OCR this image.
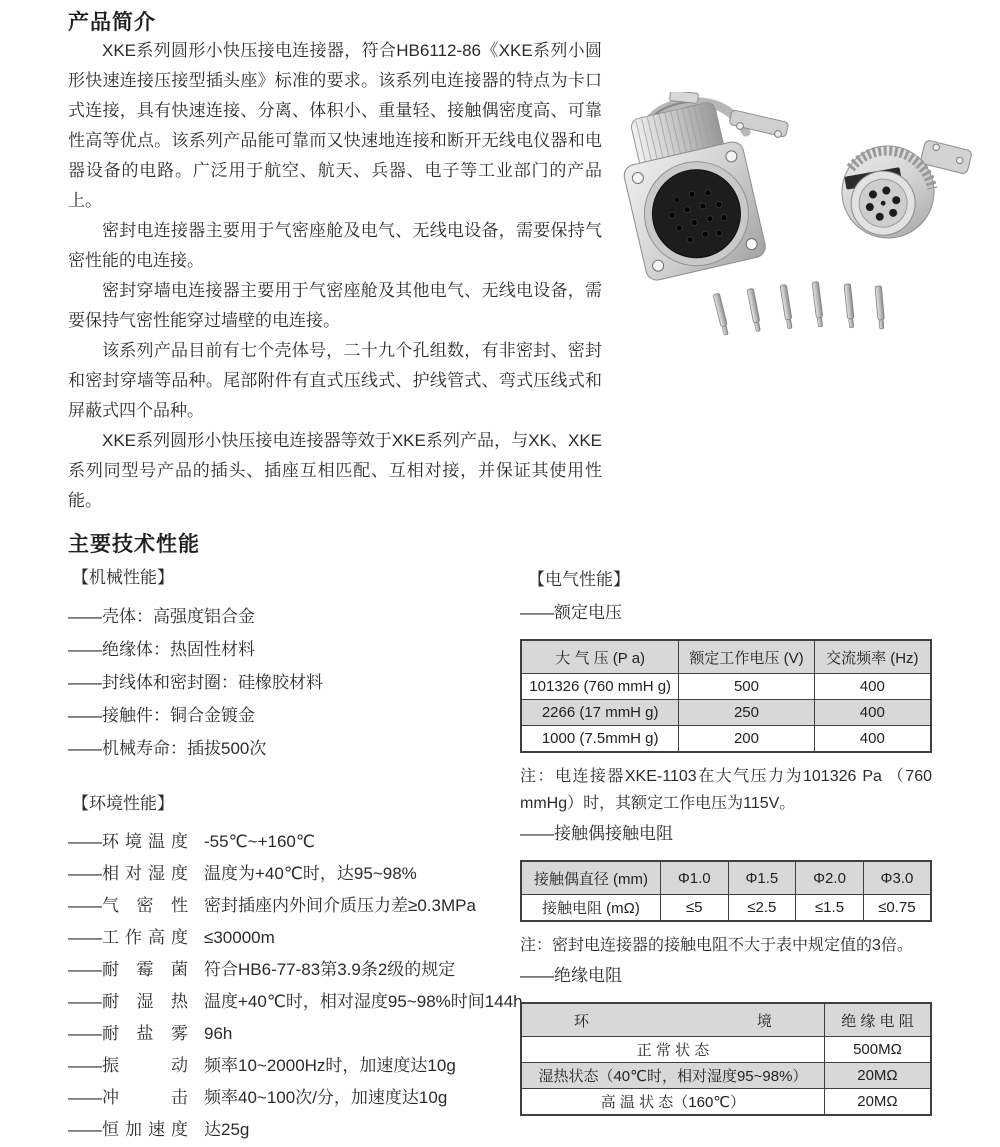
产品简介

XKE系列圆形小快压接电连接器，符合HB6112-86《XKE系列小圆形快速连接压接型插头座》标准的要求。该系列电连接器的特点为卡口式连接，具有快速连接、分离、体积小、重量轻、接触偶密度高、可靠性高等优点。该系列产品能可靠而又快速地连接和断开无线电仪器和电器设备的电路。广泛用于航空、航天、兵器、电子等工业部门的产品上。

密封电连接器主要用于气密座舱及电气、无线电设备，需要保持气密性能的电连接。

密封穿墙电连接器主要用于气密座舱及其他电气、无线电设备，需要保持气密性能穿过墙壁的电连接。

该系列产品目前有七个壳体号，二十九个孔组数，有非密封、密封和密封穿墙等品种。尾部附件有直式压线式、护线管式、弯式压线式和屏蔽式四个品种。

XKE系列圆形小快压接电连接器等效于XKE系列产品，与XK、XKE系列同型号产品的插头、插座互相匹配、互相对接，并保证其使用性能。

主要技术性能
【机械性能】
—— 壳体：高强度铝合金
—— 绝缘体：热固性材料
—— 封线体和密封圈：硅橡胶材料
—— 接触件：铜合金镀金
—— 机械寿命：插拔500次
【环境性能】
—— 环境温度 -55℃~+160℃
—— 相对湿度 温度为+40℃时，达95~98%
—— 气密性 密封插座内外间介质压力差≥0.3MPa
—— 工作高度 ≤30000m
—— 耐霉菌 符合HB6-77-83第3.9条2级的规定
—— 耐湿热 温度+40℃时，相对湿度95~98%时间144h
—— 耐盐雾 96h
—— 振动 频率10~2000Hz时，加速度达10g
—— 冲击 频率40~100次/分，加速度达10g
—— 恒加速度 达25g
【电气性能】
——额定电压
大 气 压 (P a)	额定工作电压 (V)	交流频率 (Hz)
101326 (760 mmH g)	500	400
2266 (17 mmH g)	250	400
1000 (7.5mmH g)	200	400
注：电连接器XKE-1103在大气压力为101326 Pa （760 mmHg）时，其额定工作电压为115V。
——接触偶接触电阻
接触偶直径 (mm)	Φ1.0	Φ1.5	Φ2.0	Φ3.0
接触电阻 (mΩ)	≤5	≤2.5	≤1.5	≤0.75
注：密封电连接器的接触电阻不大于表中规定值的3倍。
——绝缘电阻
环 境	绝 缘 电 阻
正 常 状 态	500MΩ
湿热状态（40℃时，相对湿度95~98%）	20MΩ
高 温 状 态（160℃）	20MΩ
